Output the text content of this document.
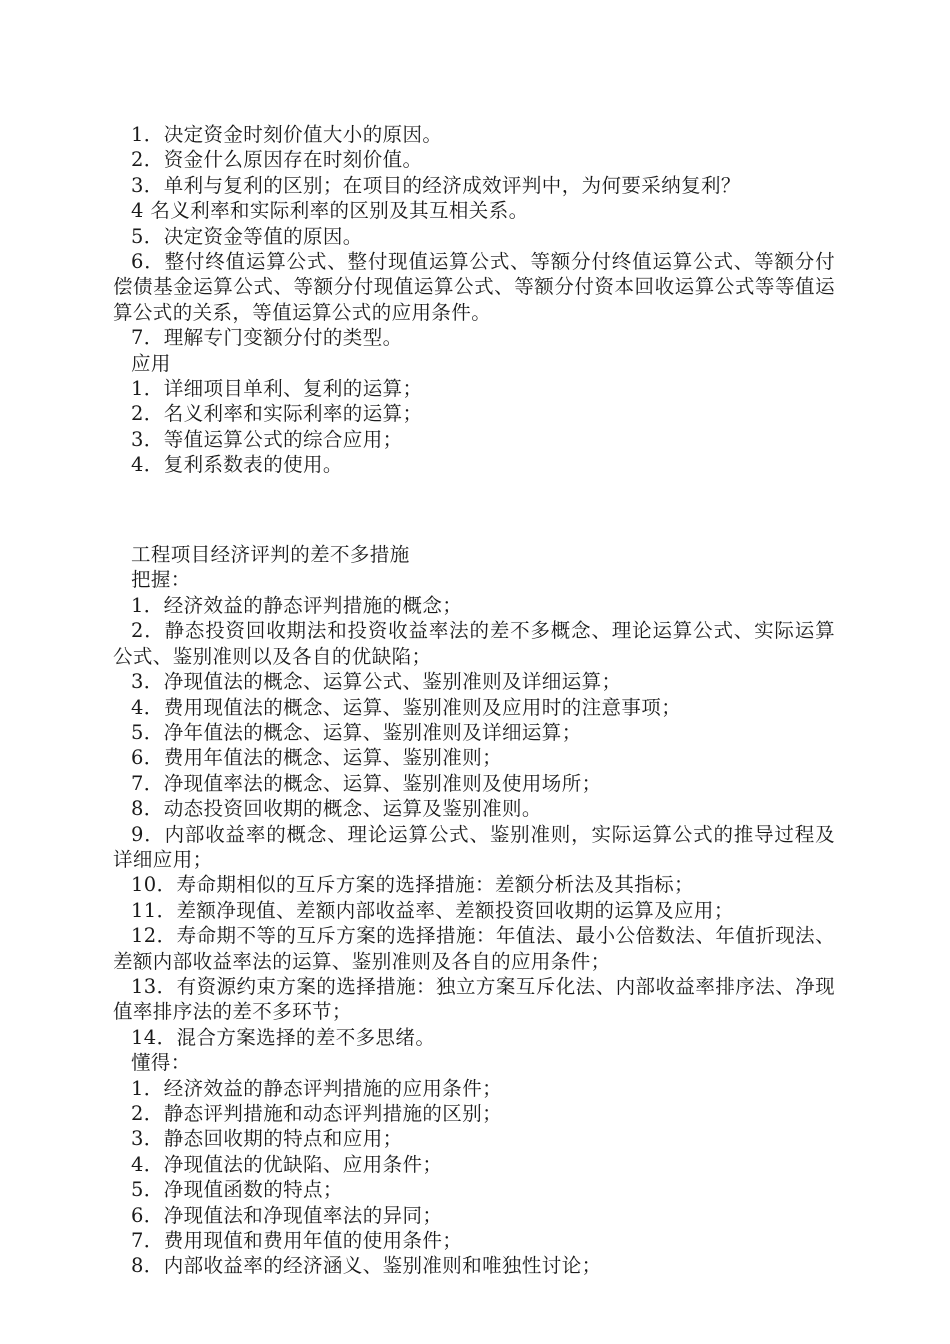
1．决定资金时刻价值大小的原因。

2．资金什么原因存在时刻价值。

3．单利与复利的区别；在项目的经济成效评判中，为何要采纳复利？

4 名义利率和实际利率的区别及其互相关系。

5．决定资金等值的原因。

6．整付终值运算公式、整付现值运算公式、等额分付终值运算公式、等额分付偿债基金运算公式、等额分付现值运算公式、等额分付资本回收运算公式等等值运算公式的关系，等值运算公式的应用条件。

7．理解专门变额分付的类型。

应用

1．详细项目单利、复利的运算；

2．名义利率和实际利率的运算；

3．等值运算公式的综合应用；

4．复利系数表的使用。

工程项目经济评判的差不多措施

把握：

1．经济效益的静态评判措施的概念；

2．静态投资回收期法和投资收益率法的差不多概念、理论运算公式、实际运算公式、鉴别准则以及各自的优缺陷；

3．净现值法的概念、运算公式、鉴别准则及详细运算；

4．费用现值法的概念、运算、鉴别准则及应用时的注意事项；

5．净年值法的概念、运算、鉴别准则及详细运算；

6．费用年值法的概念、运算、鉴别准则；

7．净现值率法的概念、运算、鉴别准则及使用场所；

8．动态投资回收期的概念、运算及鉴别准则。

9．内部收益率的概念、理论运算公式、鉴别准则，实际运算公式的推导过程及详细应用；

10．寿命期相似的互斥方案的选择措施：差额分析法及其指标；

11．差额净现值、差额内部收益率、差额投资回收期的运算及应用；

12．寿命期不等的互斥方案的选择措施：年值法、最小公倍数法、年值折现法、差额内部收益率法的运算、鉴别准则及各自的应用条件；

13．有资源约束方案的选择措施：独立方案互斥化法、内部收益率排序法、净现值率排序法的差不多环节；

14．混合方案选择的差不多思绪。

懂得：

1．经济效益的静态评判措施的应用条件；

2．静态评判措施和动态评判措施的区别；

3．静态回收期的特点和应用；

4．净现值法的优缺陷、应用条件；

5．净现值函数的特点；

6．净现值法和净现值率法的异同；

7．费用现值和费用年值的使用条件；

8．内部收益率的经济涵义、鉴别准则和唯独性讨论；
